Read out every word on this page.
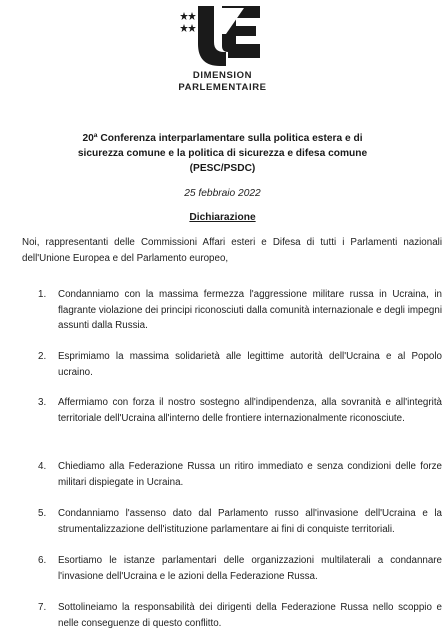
DIMENSION
PARLEMENTAIRE
20ª Conferenza interparlamentare sulla politica estera e di sicurezza comune e la politica di sicurezza e difesa comune (PESC/PSDC)
25 febbraio 2022
Dichiarazione
Noi, rappresentanti delle Commissioni Affari esteri e Difesa di tutti i Parlamenti nazionali dell'Unione Europea e del Parlamento europeo,
1.	Condanniamo con la massima fermezza l'aggressione militare russa in Ucraina, in flagrante violazione dei principi riconosciuti dalla comunità internazionale e degli impegni assunti dalla Russia.
2.	Esprimiamo la massima solidarietà alle legittime autorità dell'Ucraina e al Popolo ucraino.
3.	Affermiamo con forza il nostro sostegno all'indipendenza, alla sovranità e all'integrità territoriale dell'Ucraina all'interno delle frontiere internazionalmente riconosciute.
4.	Chiediamo alla Federazione Russa un ritiro immediato e senza condizioni delle forze militari dispiegate in Ucraina.
5.	Condanniamo l'assenso dato dal Parlamento russo all'invasione dell'Ucraina e la strumentalizzazione dell'istituzione parlamentare ai fini di conquiste territoriali.
6.	Esortiamo le istanze parlamentari delle organizzazioni multilaterali a condannare l'invasione dell'Ucraina e le azioni della Federazione Russa.
7.	Sottolineiamo la responsabilità dei dirigenti della Federazione Russa nello scoppio e nelle conseguenze di questo conflitto.
